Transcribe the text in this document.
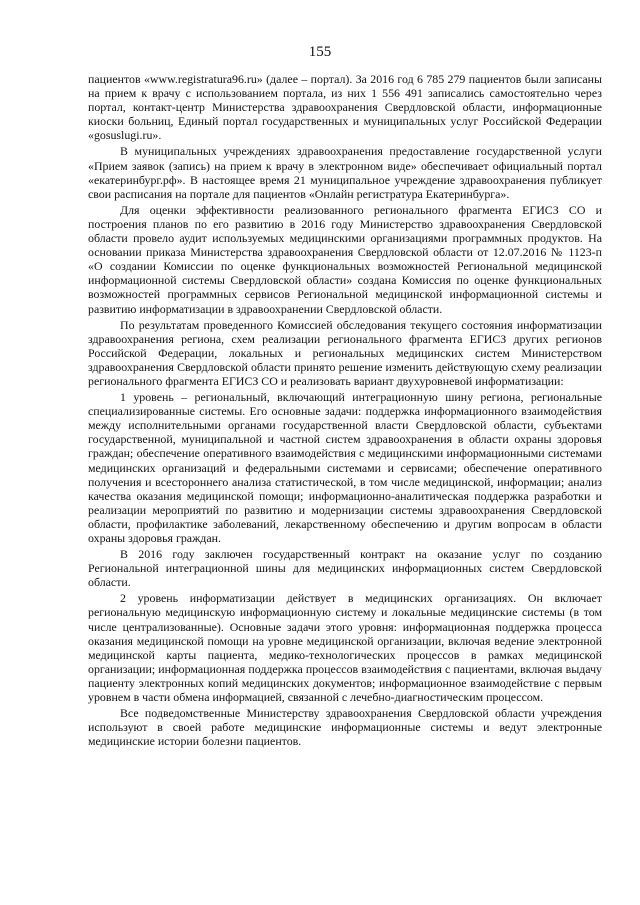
155

пациентов «www.registratura96.ru» (далее – портал). За 2016 год 6 785 279 пациентов были записаны на прием к врачу с использованием портала, из них 1 556 491 записались самостоятельно через портал, контакт-центр Министерства здравоохранения Свердловской области, информационные киоски больниц, Единый портал государственных и муниципальных услуг Российской Федерации «gosuslugi.ru».

В муниципальных учреждениях здравоохранения предоставление государственной услуги «Прием заявок (запись) на прием к врачу в электронном виде» обеспечивает официальный портал «екатеринбург.рф». В настоящее время 21 муниципальное учреждение здравоохранения публикует свои расписания на портале для пациентов «Онлайн регистратура Екатеринбурга».

Для оценки эффективности реализованного регионального фрагмента ЕГИСЗ СО и построения планов по его развитию в 2016 году Министерство здравоохранения Свердловской области провело аудит используемых медицинскими организациями программных продуктов. На основании приказа Министерства здравоохранения Свердловской области от 12.07.2016 № 1123-п «О создании Комиссии по оценке функциональных возможностей Региональной медицинской информационной системы Свердловской области» создана Комиссия по оценке функциональных возможностей программных сервисов Региональной медицинской информационной системы и развитию информатизации в здравоохранении Свердловской области.

По результатам проведенного Комиссией обследования текущего состояния информатизации здравоохранения региона, схем реализации регионального фрагмента ЕГИСЗ других регионов Российской Федерации, локальных и региональных медицинских систем Министерством здравоохранения Свердловской области принято решение изменить действующую схему реализации регионального фрагмента ЕГИСЗ СО и реализовать вариант двухуровневой информатизации:

1 уровень – региональный, включающий интеграционную шину региона, региональные специализированные системы. Его основные задачи: поддержка информационного взаимодействия между исполнительными органами государственной власти Свердловской области, субъектами государственной, муниципальной и частной систем здравоохранения в области охраны здоровья граждан; обеспечение оперативного взаимодействия с медицинскими информационными системами медицинских организаций и федеральными системами и сервисами; обеспечение оперативного получения и всестороннего анализа статистической, в том числе медицинской, информации; анализ качества оказания медицинской помощи; информационно-аналитическая поддержка разработки и реализации мероприятий по развитию и модернизации системы здравоохранения Свердловской области, профилактике заболеваний, лекарственному обеспечению и другим вопросам в области охраны здоровья граждан.

В 2016 году заключен государственный контракт на оказание услуг по созданию Региональной интеграционной шины для медицинских информационных систем Свердловской области.

2 уровень информатизации действует в медицинских организациях. Он включает региональную медицинскую информационную систему и локальные медицинские системы (в том числе централизованные). Основные задачи этого уровня: информационная поддержка процесса оказания медицинской помощи на уровне медицинской организации, включая ведение электронной медицинской карты пациента, медико-технологических процессов в рамках медицинской организации; информационная поддержка процессов взаимодействия с пациентами, включая выдачу пациенту электронных копий медицинских документов; информационное взаимодействие с первым уровнем в части обмена информацией, связанной с лечебно-диагностическим процессом.

Все подведомственные Министерству здравоохранения Свердловской области учреждения используют в своей работе медицинские информационные системы и ведут электронные медицинские истории болезни пациентов.
